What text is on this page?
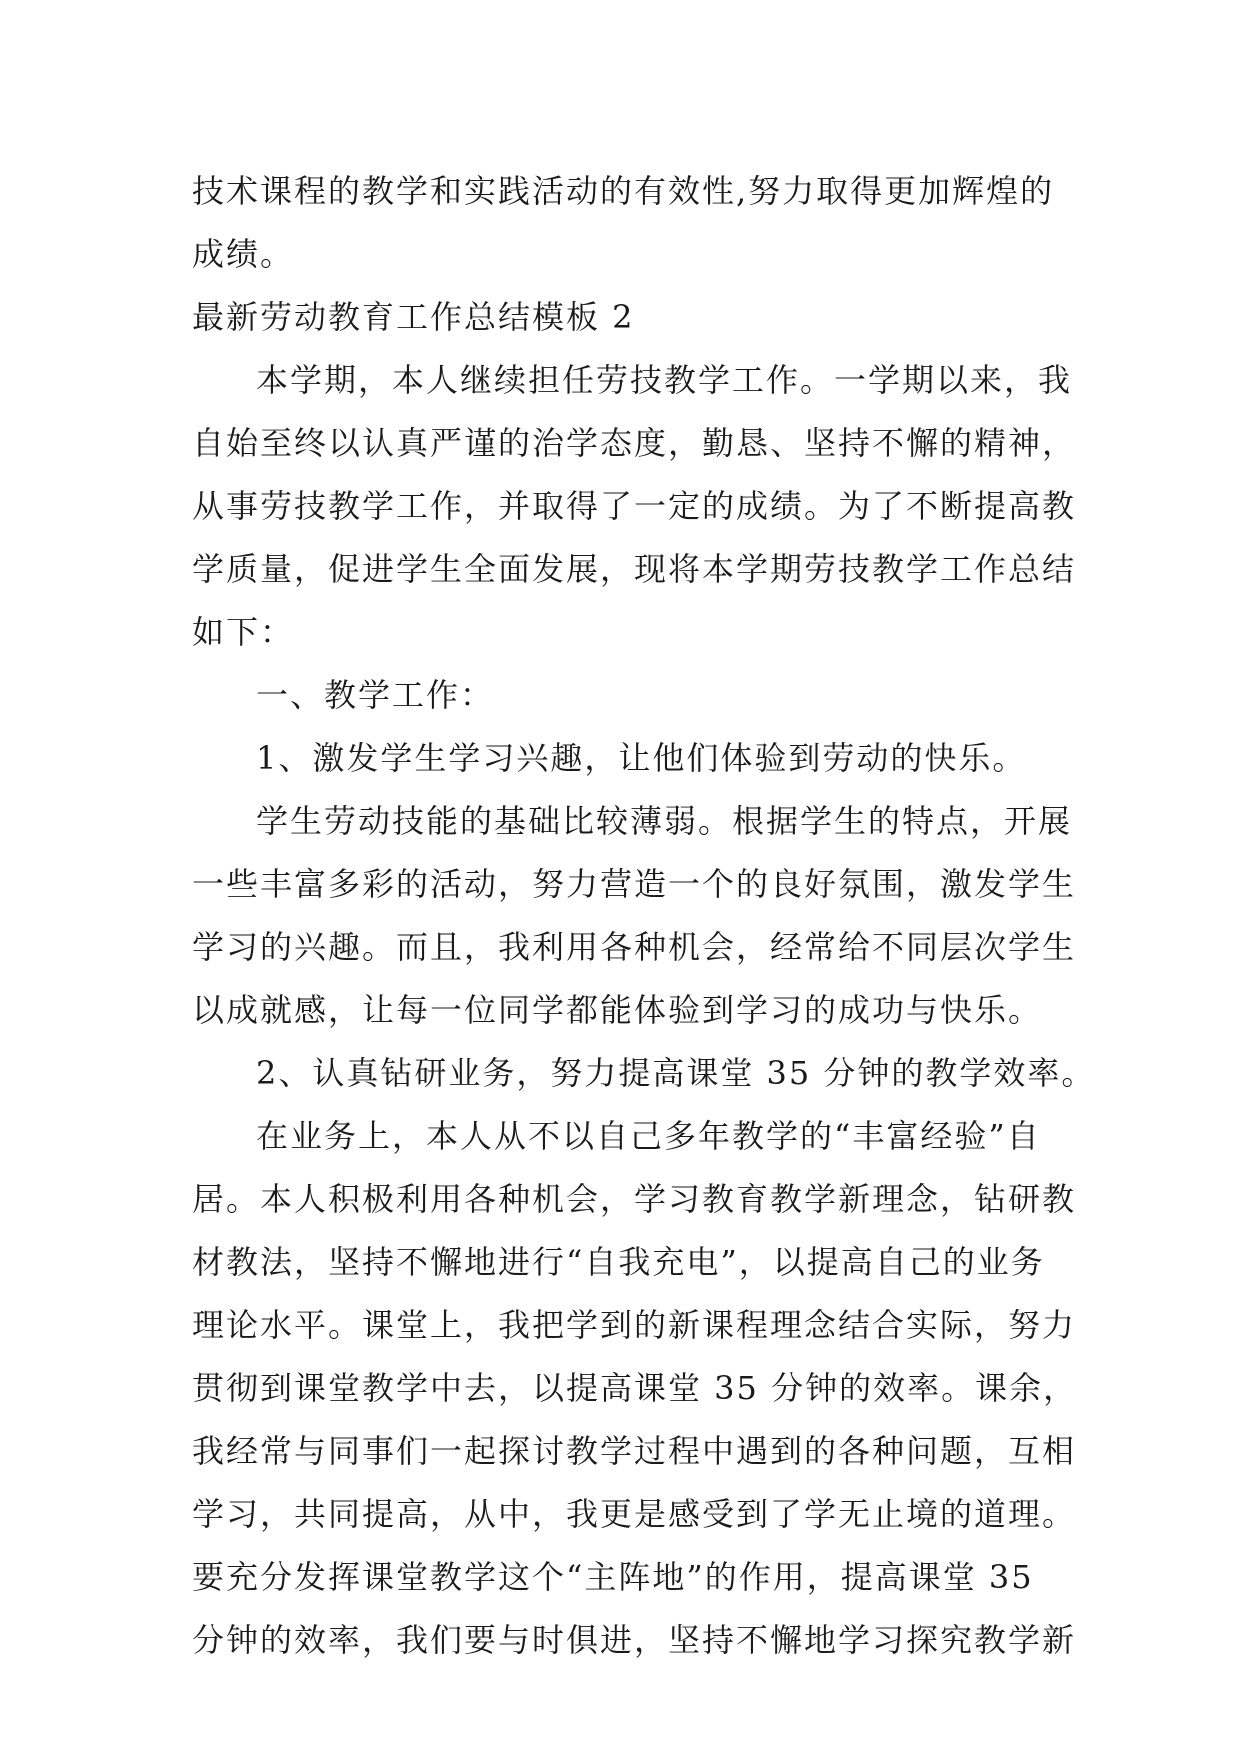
技术课程的教学和实践活动的有效性,努力取得更加辉煌的
成绩。
最新劳动教育工作总结模板 2
本学期，本人继续担任劳技教学工作。一学期以来，我
自始至终以认真严谨的治学态度，勤恳、坚持不懈的精神，
从事劳技教学工作，并取得了一定的成绩。为了不断提高教
学质量，促进学生全面发展，现将本学期劳技教学工作总结
如下：
一、教学工作：
1、激发学生学习兴趣，让他们体验到劳动的快乐。
学生劳动技能的基础比较薄弱。根据学生的特点，开展
一些丰富多彩的活动，努力营造一个的良好氛围，激发学生
学习的兴趣。而且，我利用各种机会，经常给不同层次学生
以成就感，让每一位同学都能体验到学习的成功与快乐。
2、认真钻研业务，努力提高课堂 35 分钟的教学效率。
在业务上，本人从不以自己多年教学的“丰富经验”自
居。本人积极利用各种机会，学习教育教学新理念，钻研教
材教法，坚持不懈地进行“自我充电”，以提高自己的业务
理论水平。课堂上，我把学到的新课程理念结合实际，努力
贯彻到课堂教学中去，以提高课堂 35 分钟的效率。课余，
我经常与同事们一起探讨教学过程中遇到的各种问题，互相
学习，共同提高，从中，我更是感受到了学无止境的道理。
要充分发挥课堂教学这个“主阵地”的作用，提高课堂 35
分钟的效率，我们要与时俱进，坚持不懈地学习探究教学新
